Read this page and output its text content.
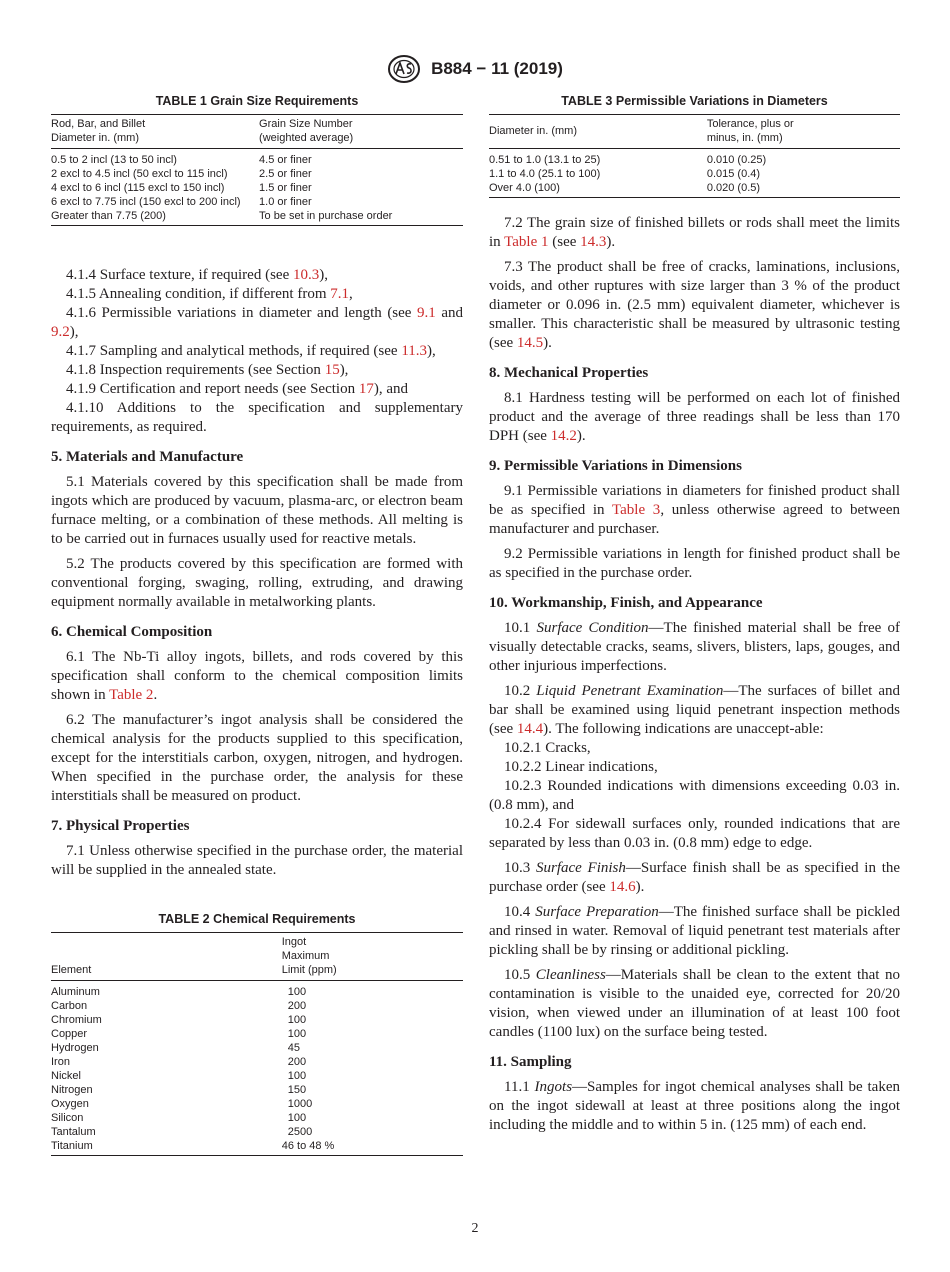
B884 − 11 (2019)
TABLE 1 Grain Size Requirements
Rod, Bar, and Billet
Diameter in. (mm)	Grain Size Number
(weighted average)
0.5 to 2 incl (13 to 50 incl)	4.5 or finer
2 excl to 4.5 incl (50 excl to 115 incl)	2.5 or finer
4 excl to 6 incl (115 excl to 150 incl)	1.5 or finer
6 excl to 7.75 incl (150 excl to 200 incl)	1.0 or finer
Greater than 7.75 (200)	To be set in purchase order

4.1.4 Surface texture, if required (see 10.3),

4.1.5 Annealing condition, if different from 7.1,

4.1.6 Permissible variations in diameter and length (see 9.1 and 9.2),

4.1.7 Sampling and analytical methods, if required (see 11.3),

4.1.8 Inspection requirements (see Section 15),

4.1.9 Certification and report needs (see Section 17), and

4.1.10 Additions to the specification and supplementary requirements, as required.

5. Materials and Manufacture

5.1 Materials covered by this specification shall be made from ingots which are produced by vacuum, plasma-arc, or electron beam furnace melting, or a combination of these methods. All melting is to be carried out in furnaces usually used for reactive metals.

5.2 The products covered by this specification are formed with conventional forging, swaging, rolling, extruding, and drawing equipment normally available in metalworking plants.

6. Chemical Composition

6.1 The Nb-Ti alloy ingots, billets, and rods covered by this specification shall conform to the chemical composition limits shown in Table 2.

6.2 The manufacturer’s ingot analysis shall be considered the chemical analysis for the products supplied to this specification, except for the interstitials carbon, oxygen, nitrogen, and hydrogen. When specified in the purchase order, the analysis for these interstitials shall be measured on product.

7. Physical Properties

7.1 Unless otherwise specified in the purchase order, the material will be supplied in the annealed state.

TABLE 2 Chemical Requirements
Element	Ingot
Maximum
Limit (ppm)
Aluminum	100
Carbon	200
Chromium	100
Copper	100
Hydrogen	45
Iron	200
Nickel	100
Nitrogen	150
Oxygen	1000
Silicon	100
Tantalum	2500
Titanium	46 to 48 %
TABLE 3 Permissible Variations in Diameters
Diameter in. (mm)	Tolerance, plus or
minus, in. (mm)
0.51 to 1.0 (13.1 to 25)	0.010 (0.25)
1.1 to 4.0 (25.1 to 100)	0.015 (0.4)
Over 4.0 (100)	0.020 (0.5)

7.2 The grain size of finished billets or rods shall meet the limits in Table 1 (see 14.3).

7.3 The product shall be free of cracks, laminations, inclusions, voids, and other ruptures with size larger than 3 % of the product diameter or 0.096 in. (2.5 mm) equivalent diameter, whichever is smaller. This characteristic shall be measured by ultrasonic testing (see 14.5).

8. Mechanical Properties

8.1 Hardness testing will be performed on each lot of finished product and the average of three readings shall be less than 170 DPH (see 14.2).

9. Permissible Variations in Dimensions

9.1 Permissible variations in diameters for finished product shall be as specified in Table 3, unless otherwise agreed to between manufacturer and purchaser.

9.2 Permissible variations in length for finished product shall be as specified in the purchase order.

10. Workmanship, Finish, and Appearance

10.1 Surface Condition—The finished material shall be free of visually detectable cracks, seams, slivers, blisters, laps, gouges, and other injurious imperfections.

10.2 Liquid Penetrant Examination—The surfaces of billet and bar shall be examined using liquid penetrant inspection methods (see 14.4). The following indications are unaccept-able:

10.2.1 Cracks,

10.2.2 Linear indications,

10.2.3 Rounded indications with dimensions exceeding 0.03 in. (0.8 mm), and

10.2.4 For sidewall surfaces only, rounded indications that are separated by less than 0.03 in. (0.8 mm) edge to edge.

10.3 Surface Finish—Surface finish shall be as specified in the purchase order (see 14.6).

10.4 Surface Preparation—The finished surface shall be pickled and rinsed in water. Removal of liquid penetrant test materials after pickling shall be by rinsing or additional pickling.

10.5 Cleanliness—Materials shall be clean to the extent that no contamination is visible to the unaided eye, corrected for 20/20 vision, when viewed under an illumination of at least 100 foot candles (1100 lux) on the surface being tested.

11. Sampling

11.1 Ingots—Samples for ingot chemical analyses shall be taken on the ingot sidewall at least at three positions along the ingot including the middle and to within 5 in. (125 mm) of each end.

2
